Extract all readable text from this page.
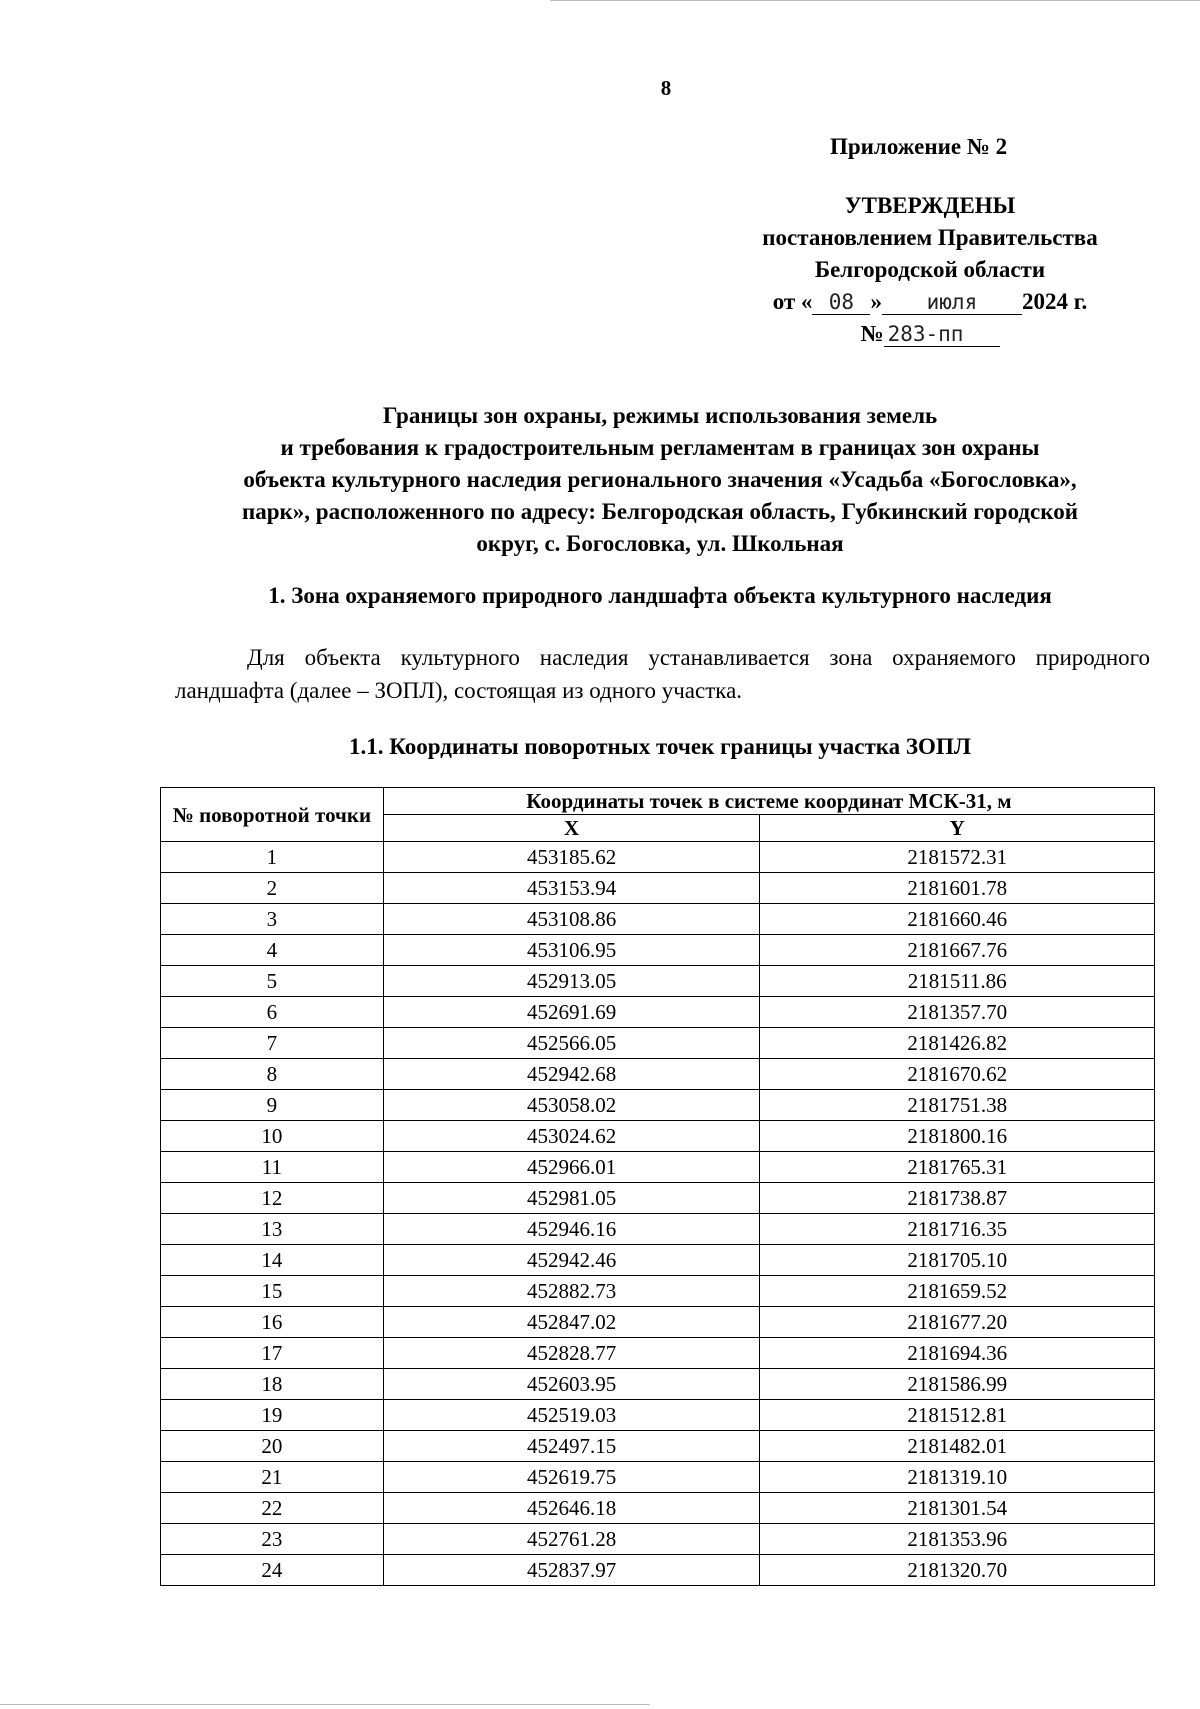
8
Приложение № 2
УТВЕРЖДЕНЫ
постановлением Правительства
Белгородской области
от « 08 » июля 2024 г.
№ 283-пп
Границы зон охраны, режимы использования земель
и требования к градостроительным регламентам в границах зон охраны
объекта культурного наследия регионального значения «Усадьба «Богословка»,
парк», расположенного по адресу: Белгородская область, Губкинский городской
округ, с. Богословка, ул. Школьная
1. Зона охраняемого природного ландшафта объекта культурного наследия
Для объекта культурного наследия устанавливается зона охраняемого природного ландшафта (далее – ЗОПЛ), состоящая из одного участка.
1.1. Координаты поворотных точек границы участка ЗОПЛ
№ поворотной точки	Координаты точек в системе координат МСК-31, м	
	X	Y
1	453185.62	2181572.31
2	453153.94	2181601.78
3	453108.86	2181660.46
4	453106.95	2181667.76
5	452913.05	2181511.86
6	452691.69	2181357.70
7	452566.05	2181426.82
8	452942.68	2181670.62
9	453058.02	2181751.38
10	453024.62	2181800.16
11	452966.01	2181765.31
12	452981.05	2181738.87
13	452946.16	2181716.35
14	452942.46	2181705.10
15	452882.73	2181659.52
16	452847.02	2181677.20
17	452828.77	2181694.36
18	452603.95	2181586.99
19	452519.03	2181512.81
20	452497.15	2181482.01
21	452619.75	2181319.10
22	452646.18	2181301.54
23	452761.28	2181353.96
24	452837.97	2181320.70
